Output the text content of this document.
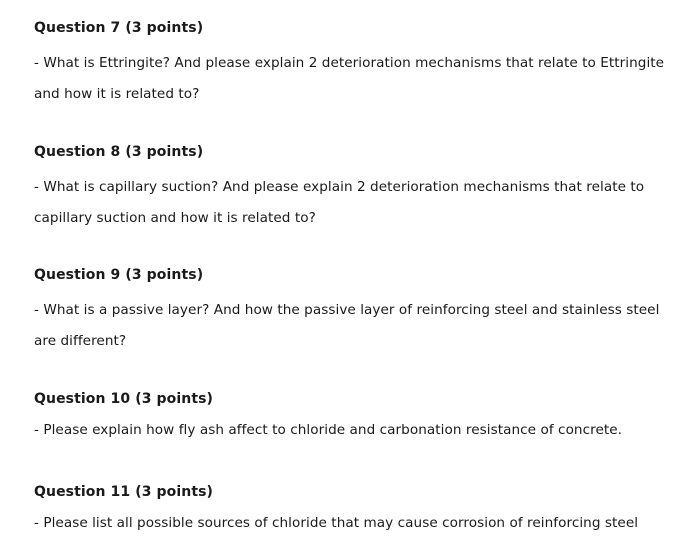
Question 7 (3 points)

- What is Ettringite? And please explain 2 deterioration mechanisms that relate to Ettringite and how it is related to?

Question 8 (3 points)

- What is capillary suction? And please explain 2 deterioration mechanisms that relate to capillary suction and how it is related to?

Question 9 (3 points)

- What is a passive layer? And how the passive layer of reinforcing steel and stainless steel are different?

Question 10 (3 points)

- Please explain how fly ash affect to chloride and carbonation resistance of concrete.

Question 11 (3 points)

- Please list all possible sources of chloride that may cause corrosion of reinforcing steel
